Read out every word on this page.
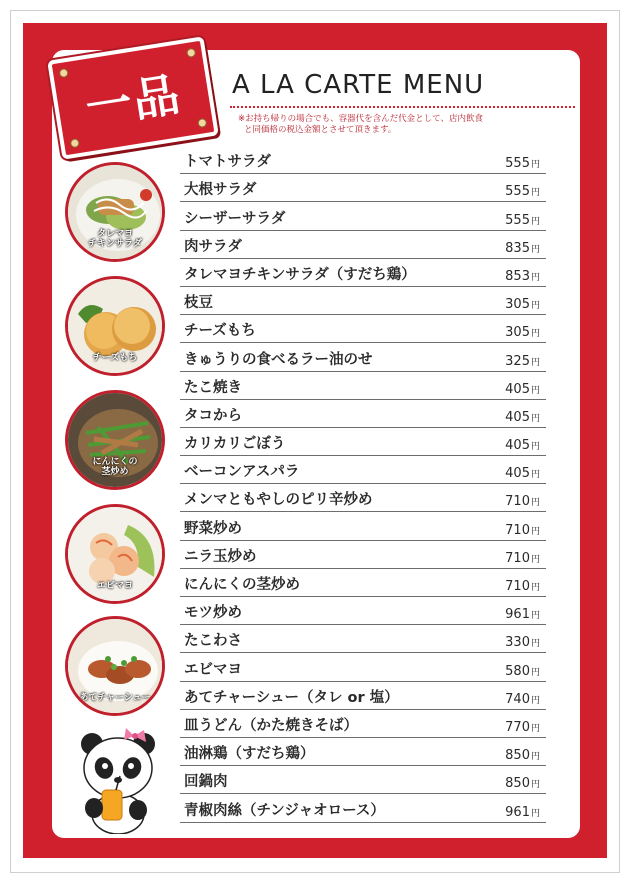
一品 A LA CARTE MENU
※お持ち帰りの場合でも、容器代を含んだ代金として、店内飲食
と同価格の税込金額とさせて頂きます。
タレマヨ
チキンサラダ
チーズもち
にんにくの
茎炒め
エビマヨ
あてチャーシュー
トマトサラダ	555円
大根サラダ	555円
シーザーサラダ	555円
肉サラダ	835円
タレマヨチキンサラダ（すだち鶏）	853円
枝豆	305円
チーズもち	305円
きゅうりの食べるラー油のせ	325円
たこ焼き	405円
タコから	405円
カリカリごぼう	405円
ベーコンアスパラ	405円
メンマともやしのピリ辛炒め	710円
野菜炒め	710円
ニラ玉炒め	710円
にんにくの茎炒め	710円
モツ炒め	961円
たこわさ	330円
エビマヨ	580円
あてチャーシュー（タレ or 塩）	740円
皿うどん（かた焼きそば）	770円
油淋鶏（すだち鶏）	850円
回鍋肉	850円
青椒肉絲（チンジャオロース）	961円
